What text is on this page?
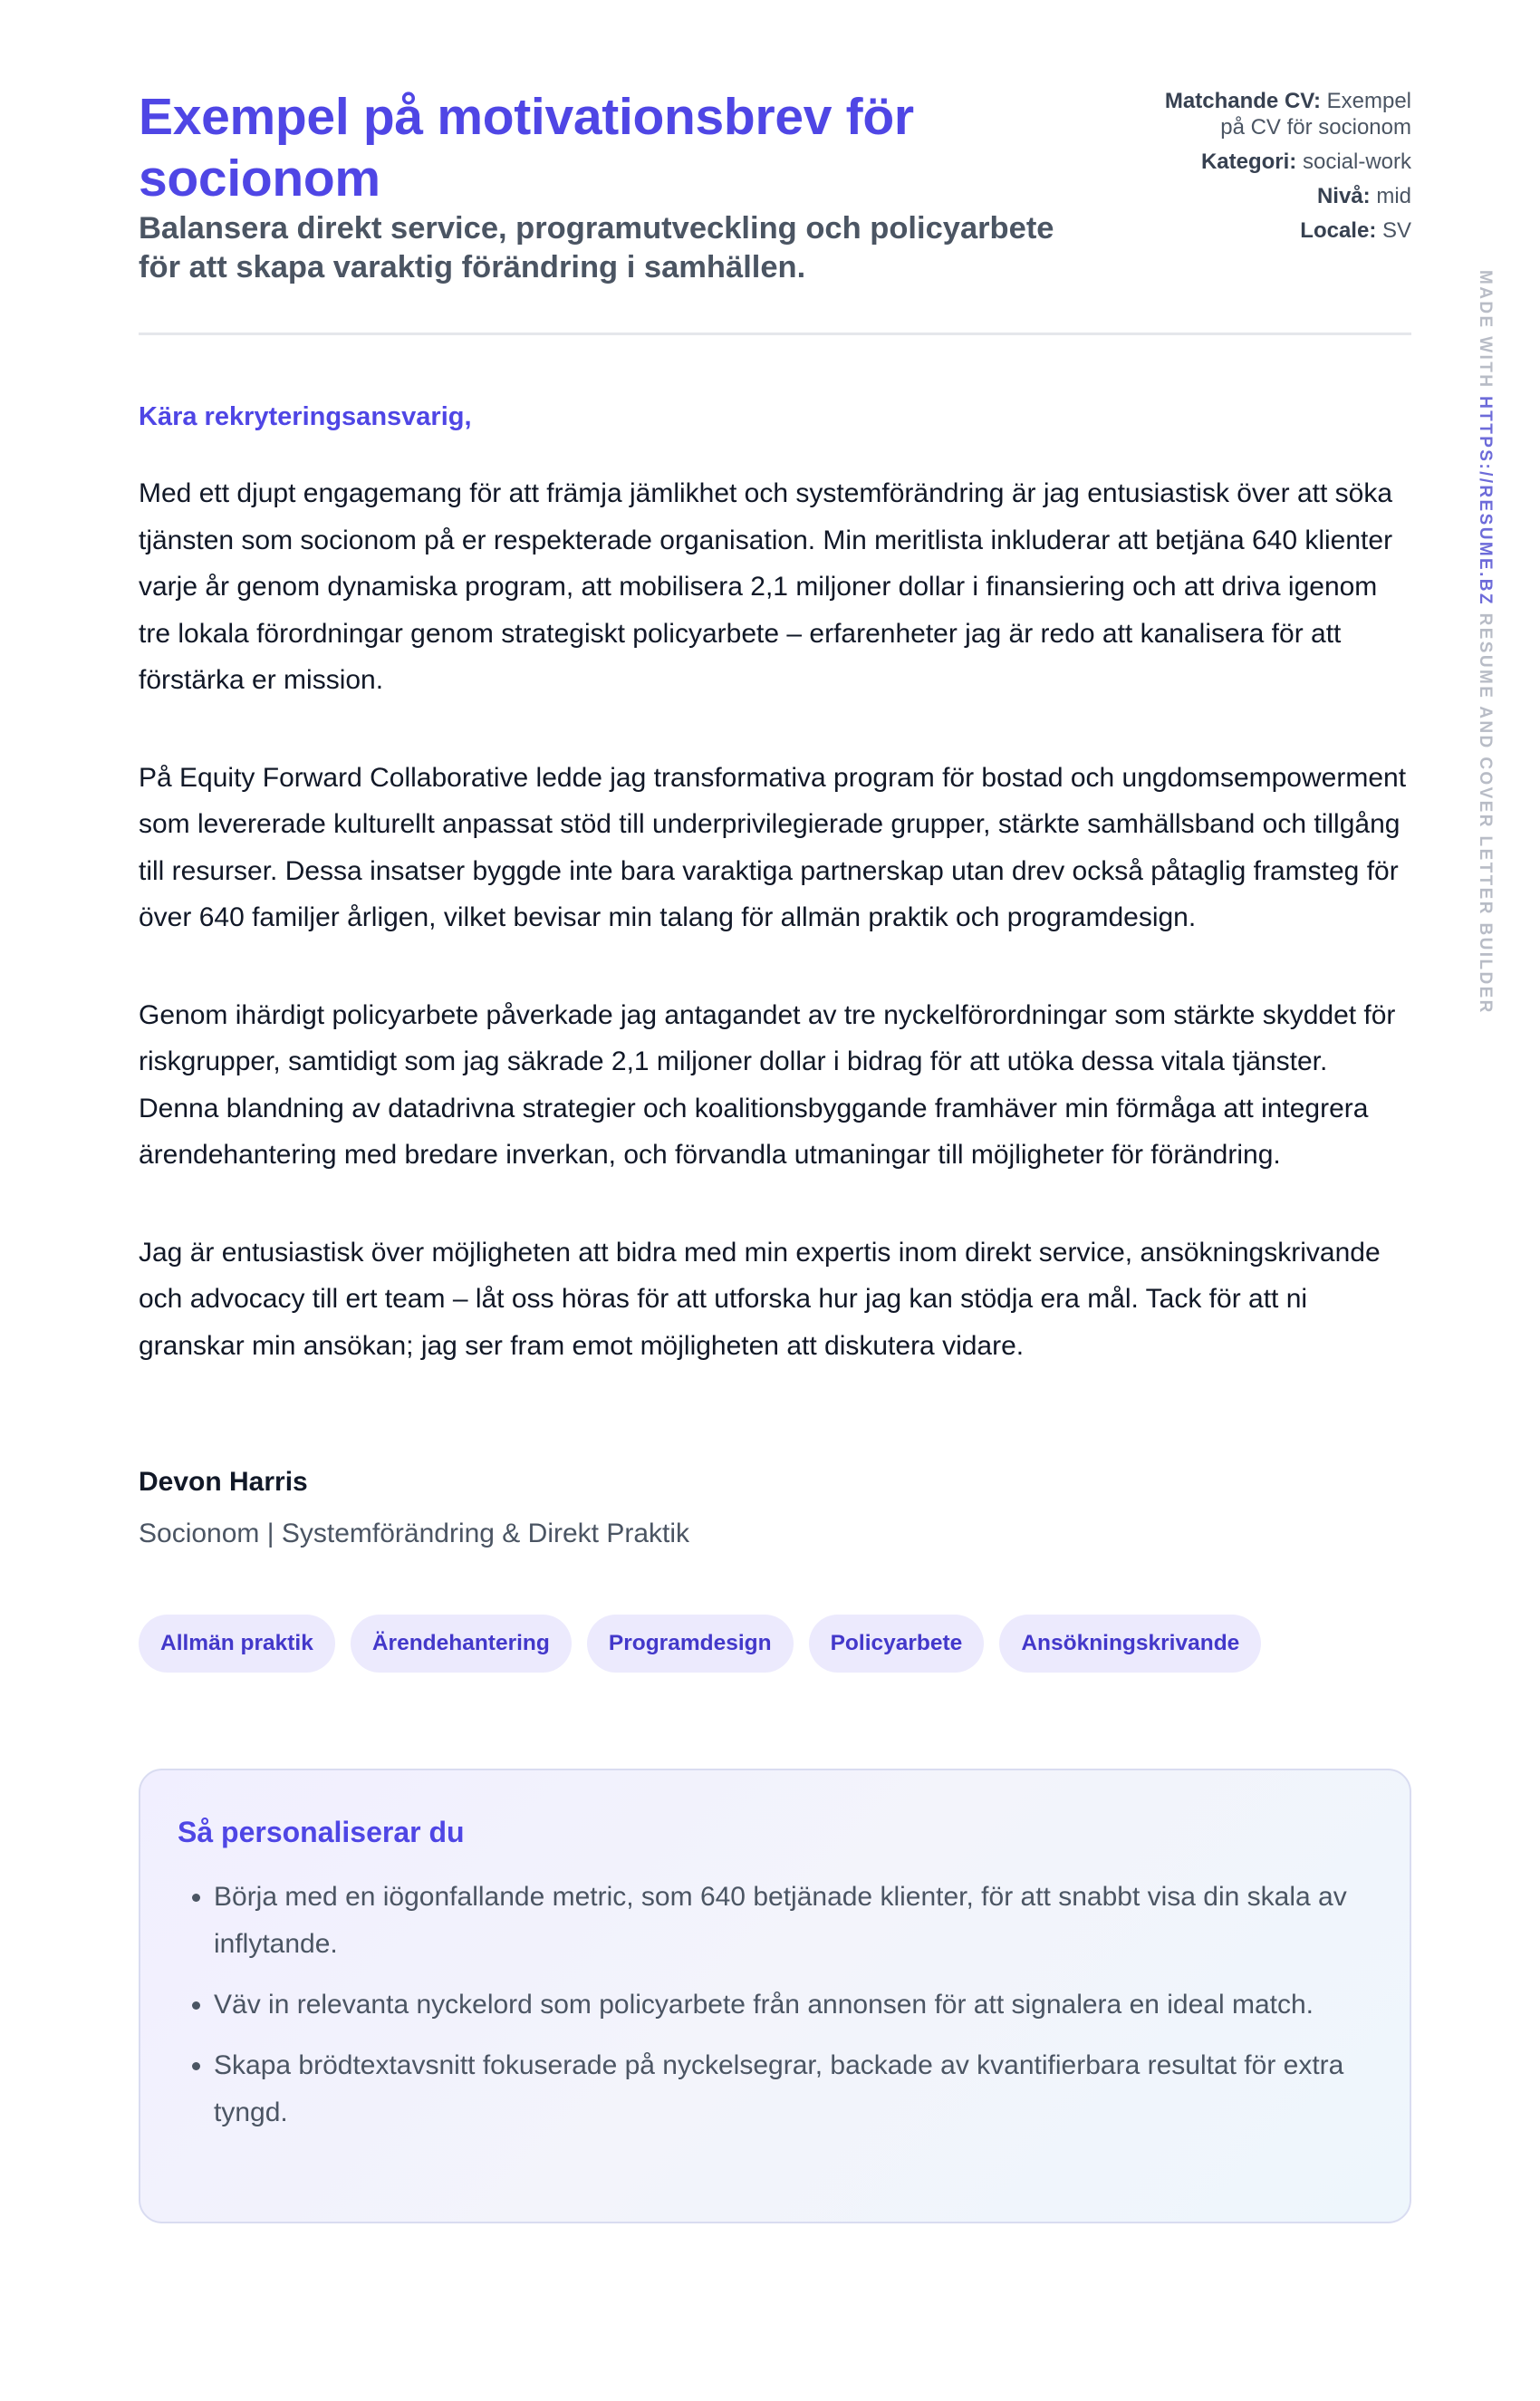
Exempel på motivationsbrev för socionom

Balansera direkt service, programutveckling och policyarbete för att skapa varaktig förändring i samhällen.

Matchande CV: Exempel på CV för socionom
Kategori: social-work
Nivå: mid
Locale: SV

Kära rekryteringsansvarig,

Med ett djupt engagemang för att främja jämlikhet och systemförändring är jag entusiastisk över att söka tjänsten som socionom på er respekterade organisation. Min meritlista inkluderar att betjäna 640 klienter varje år genom dynamiska program, att mobilisera 2,1 miljoner dollar i finansiering och att driva igenom tre lokala förordningar genom strategiskt policyarbete – erfarenheter jag är redo att kanalisera för att förstärka er mission.

På Equity Forward Collaborative ledde jag transformativa program för bostad och ungdomsempowerment som levererade kulturellt anpassat stöd till underprivilegierade grupper, stärkte samhällsband och tillgång till resurser. Dessa insatser byggde inte bara varaktiga partnerskap utan drev också påtaglig framsteg för över 640 familjer årligen, vilket bevisar min talang för allmän praktik och programdesign.

Genom ihärdigt policyarbete påverkade jag antagandet av tre nyckelförordningar som stärkte skyddet för riskgrupper, samtidigt som jag säkrade 2,1 miljoner dollar i bidrag för att utöka dessa vitala tjänster. Denna blandning av datadrivna strategier och koalitionsbyggande framhäver min förmåga att integrera ärendehantering med bredare inverkan, och förvandla utmaningar till möjligheter för förändring.

Jag är entusiastisk över möjligheten att bidra med min expertis inom direkt service, ansökningskrivande och advocacy till ert team – låt oss höras för att utforska hur jag kan stödja era mål. Tack för att ni granskar min ansökan; jag ser fram emot möjligheten att diskutera vidare.

Devon Harris
Socionom | Systemförändring & Direkt Praktik
Allmän praktik	Ärendehantering	Programdesign	Policyarbete	Ansökningskrivande
Så personaliserar du
• Börja med en iögonfallande metric, som 640 betjänade klienter, för att snabbt visa din skala av inflytande.
• Väv in relevanta nyckelord som policyarbete från annonsen för att signalera en ideal match.
• Skapa brödtextavsnitt fokuserade på nyckelsegrar, backade av kvantifierbara resultat för extra tyngd.
MADE WITH HTTPS://RESUME.BZ RESUME AND COVER LETTER BUILDER
